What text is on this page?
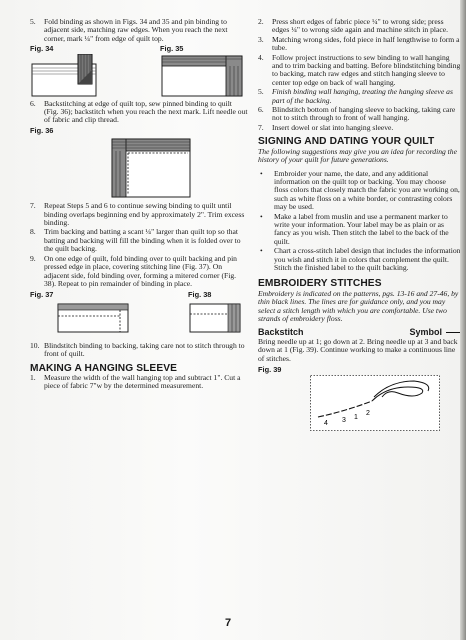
5. Fold binding as shown in Figs. 34 and 35 and pin binding to adjacent side, matching raw edges. When you reach the next corner, mark ¼" from edge of quilt top.
Fig. 34	Fig. 35
6. Backstitching at edge of quilt top, sew pinned binding to quilt (Fig. 36); backstitch when you reach the next mark. Lift needle out of fabric and clip thread.
Fig. 36
7. Repeat Steps 5 and 6 to continue sewing binding to quilt until binding overlaps beginning end by approximately 2". Trim excess binding.
8. Trim backing and batting a scant ¼" larger than quilt top so that batting and backing will fill the binding when it is folded over to the quilt backing.
9. On one edge of quilt, fold binding over to quilt backing and pin pressed edge in place, covering stitching line (Fig. 37). On adjacent side, fold binding over, forming a mitered corner (Fig. 38). Repeat to pin remainder of binding in place.
Fig. 37	Fig. 38
10. Blindstitch binding to backing, taking care not to stitch through to front of quilt.
MAKING A HANGING SLEEVE
1. Measure the width of the wall hanging top and subtract 1". Cut a piece of fabric 7"w by the determined measurement.
2. Press short edges of fabric piece ¼" to wrong side; press edges ¼" to wrong side again and machine stitch in place.
3. Matching wrong sides, fold piece in half lengthwise to form a tube.
4. Follow project instructions to sew binding to wall hanging and to trim backing and batting. Before blindstitching binding to backing, match raw edges and stitch hanging sleeve to center top edge on back of wall hanging.
5. Finish binding wall hanging, treating the hanging sleeve as part of the backing.
6. Blindstitch bottom of hanging sleeve to backing, taking care not to stitch through to front of wall hanging.
7. Insert dowel or slat into hanging sleeve.
SIGNING AND DATING YOUR QUILT

The following suggestions may give you an idea for recording the history of your quilt for future generations.

• Embroider your name, the date, and any additional information on the quilt top or backing. You may choose floss colors that closely match the fabric you are working on, such as white floss on a white border, or contrasting colors may be used.
• Make a label from muslin and use a permanent marker to write your information. Your label may be as plain or as fancy as you wish. Then stitch the label to the back of the quilt.
• Chart a cross-stitch label design that includes the information you wish and stitch it in colors that complement the quilt. Stitch the finished label to the quilt backing.
EMBROIDERY STITCHES

Embroidery is indicated on the patterns, pgs. 13-16 and 27-46, by thin black lines. The lines are for guidance only, and you may select a stitch length with which you are comfortable. Use two strands of embroidery floss.

Backstitch	Symbol
Bring needle up at 1; go down at 2. Bring needle up at 3 and back down at 1 (Fig. 39). Continue working to make a continuous line of stitches.
Fig. 39
4 3 1
2
7
